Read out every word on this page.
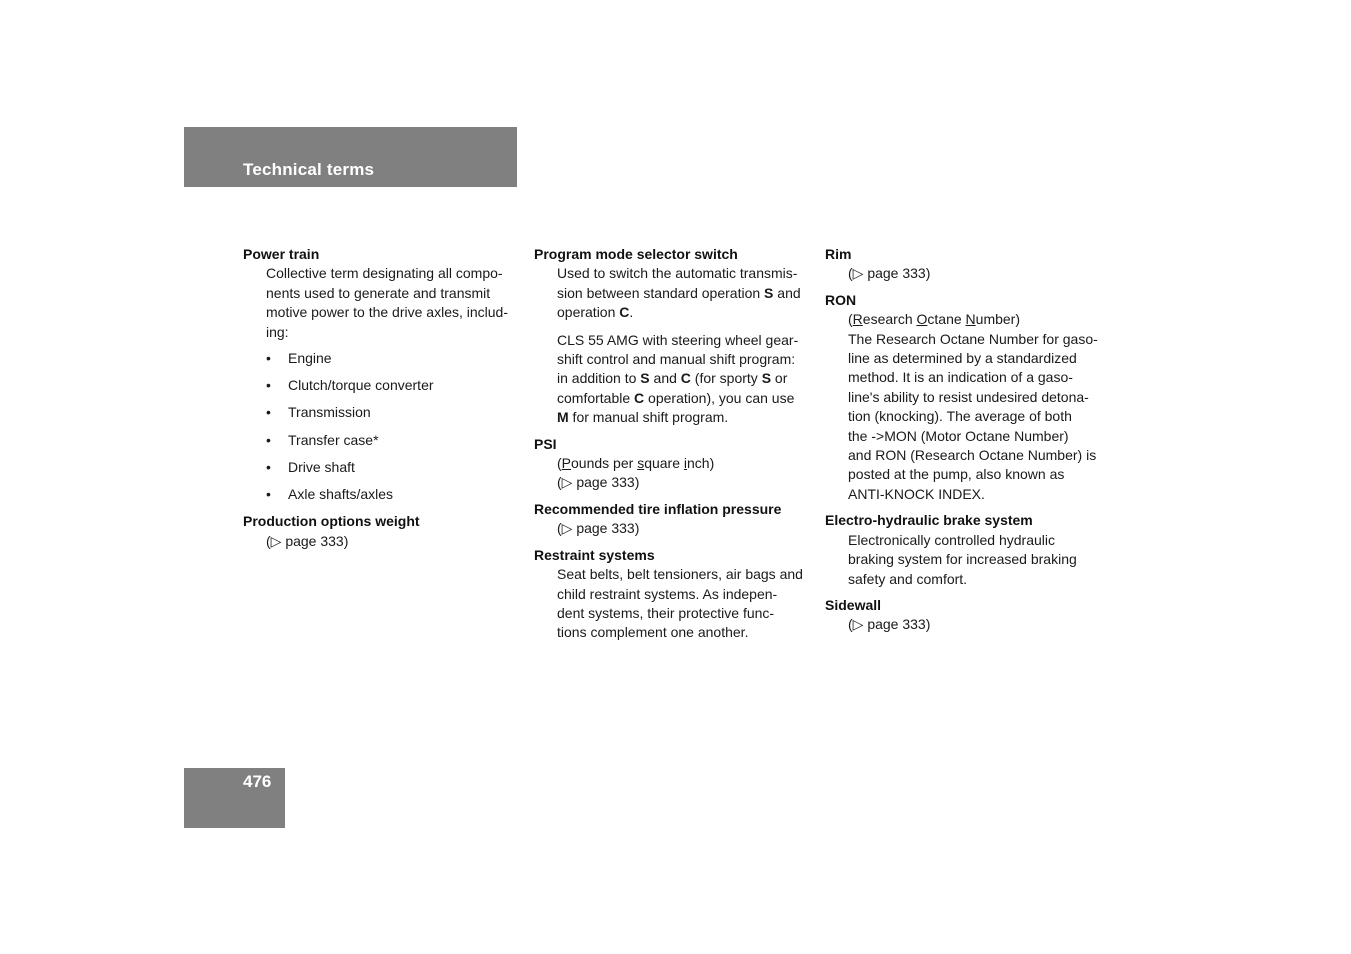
Technical terms
Power train
Collective term designating all compo-
nents used to generate and transmit
motive power to the drive axles, includ-
ing:
• Engine
• Clutch/torque converter
• Transmission
• Transfer case*
• Drive shaft
• Axle shafts/axles
Production options weight
(▷ page 333)
Program mode selector switch
Used to switch the automatic transmis-
sion between standard operation S and
operation C.
CLS 55 AMG with steering wheel gear-
shift control and manual shift program:
in addition to S and C (for sporty S or
comfortable C operation), you can use
M for manual shift program.
PSI
(Pounds per square inch)
(▷ page 333)
Recommended tire inflation pressure
(▷ page 333)
Restraint systems
Seat belts, belt tensioners, air bags and
child restraint systems. As indepen-
dent systems, their protective func-
tions complement one another.
Rim
(▷ page 333)
RON
(Research Octane Number)
The Research Octane Number for gaso-
line as determined by a standardized
method. It is an indication of a gaso-
line's ability to resist undesired detona-
tion (knocking). The average of both
the ->MON (Motor Octane Number)
and RON (Research Octane Number) is
posted at the pump, also known as
ANTI-KNOCK INDEX.
Electro-hydraulic brake system
Electronically controlled hydraulic
braking system for increased braking
safety and comfort.
Sidewall
(▷ page 333)
476
